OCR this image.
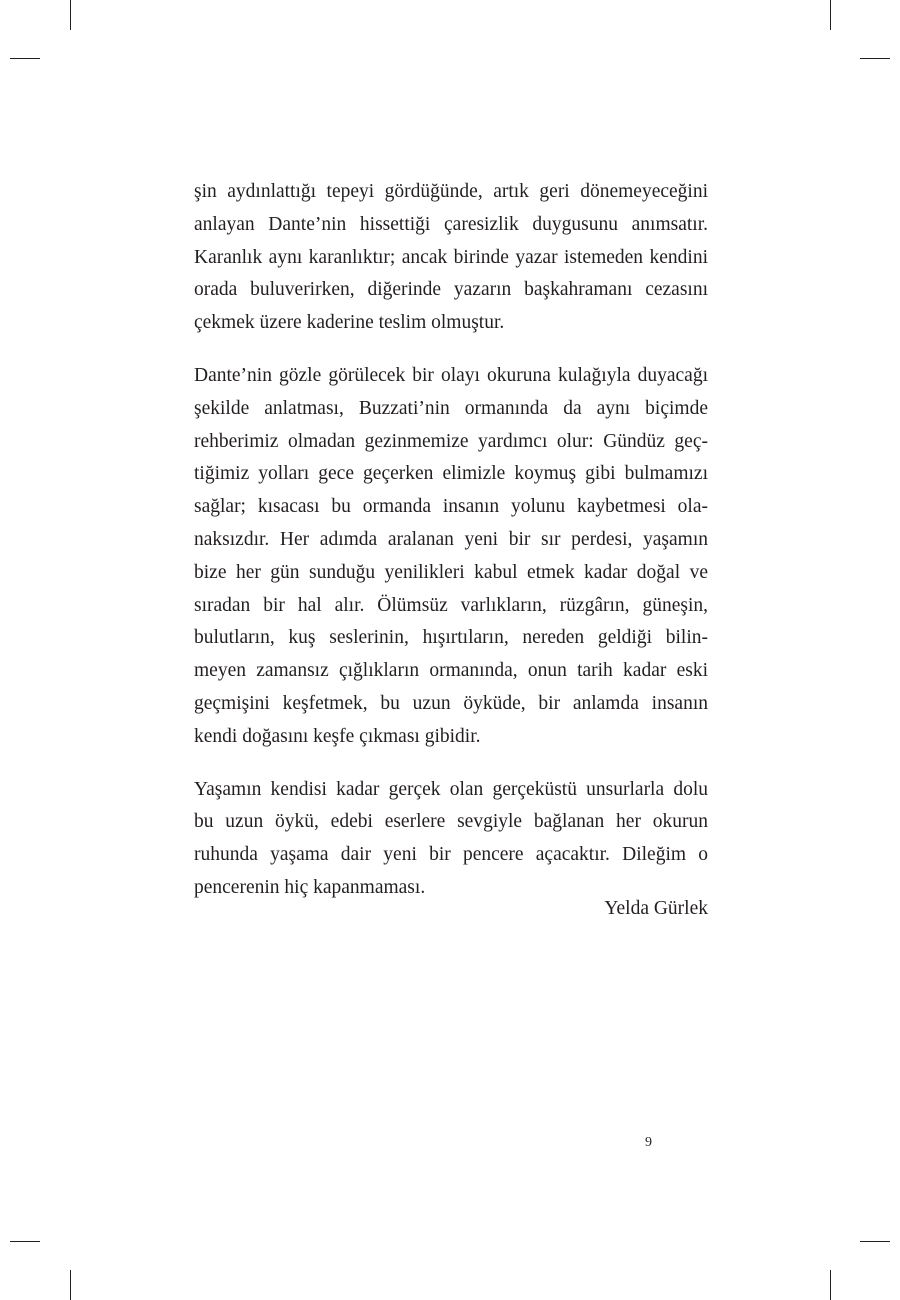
şin aydınlattığı tepeyi gördüğünde, artık geri dönemeyeceğini
anlayan Dante’nin hissettiği çaresizlik duygusunu anımsatır.
Karanlık aynı karanlıktır; ancak birinde yazar istemeden kendini
orada buluverirken, diğerinde yazarın başkahramanı cezasını
çekmek üzere kaderine teslim olmuştur.
Dante’nin gözle görülecek bir olayı okuruna kulağıyla duyacağı
şekilde anlatması, Buzzati’nin ormanında da aynı biçimde
rehberimiz olmadan gezinmemize yardımcı olur: Gündüz geç-
tiğimiz yolları gece geçerken elimizle koymuş gibi bulmamızı
sağlar; kısacası bu ormanda insanın yolunu kaybetmesi ola-
naksızdır. Her adımda aralanan yeni bir sır perdesi, yaşamın
bize her gün sunduğu yenilikleri kabul etmek kadar doğal ve
sıradan bir hal alır. Ölümsüz varlıkların, rüzgârın, güneşin,
bulutların, kuş seslerinin, hışırtıların, nereden geldiği bilin-
meyen zamansız çığlıkların ormanında, onun tarih kadar eski
geçmişini keşfetmek, bu uzun öyküde, bir anlamda insanın
kendi doğasını keşfe çıkması gibidir.
Yaşamın kendisi kadar gerçek olan gerçeküstü unsurlarla dolu
bu uzun öykü, edebi eserlere sevgiyle bağlanan her okurun
ruhunda yaşama dair yeni bir pencere açacaktır. Dileğim o
pencerenin hiç kapanmaması.
Yelda Gürlek
9
